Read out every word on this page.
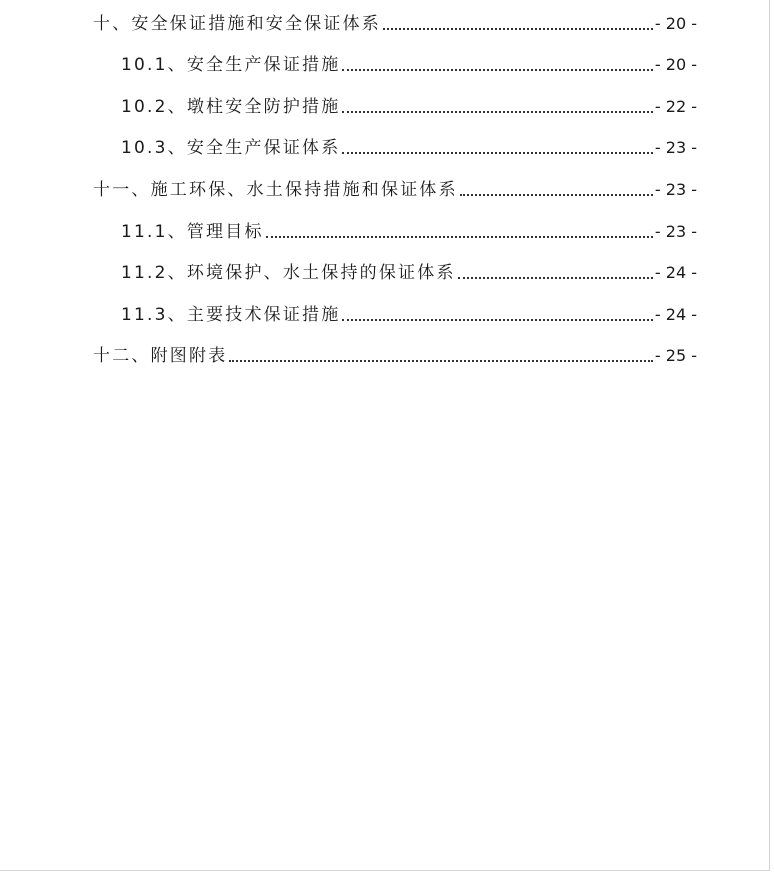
十、安全保证措施和安全保证体系	- 20 -
10.1、安全生产保证措施	- 20 -
10.2、墩柱安全防护措施	- 22 -
10.3、安全生产保证体系	- 23 -
十一、施工环保、水土保持措施和保证体系	- 23 -
11.1、管理目标	- 23 -
11.2、环境保护、水土保持的保证体系	- 24 -
11.3、主要技术保证措施	- 24 -
十二、附图附表	- 25 -
